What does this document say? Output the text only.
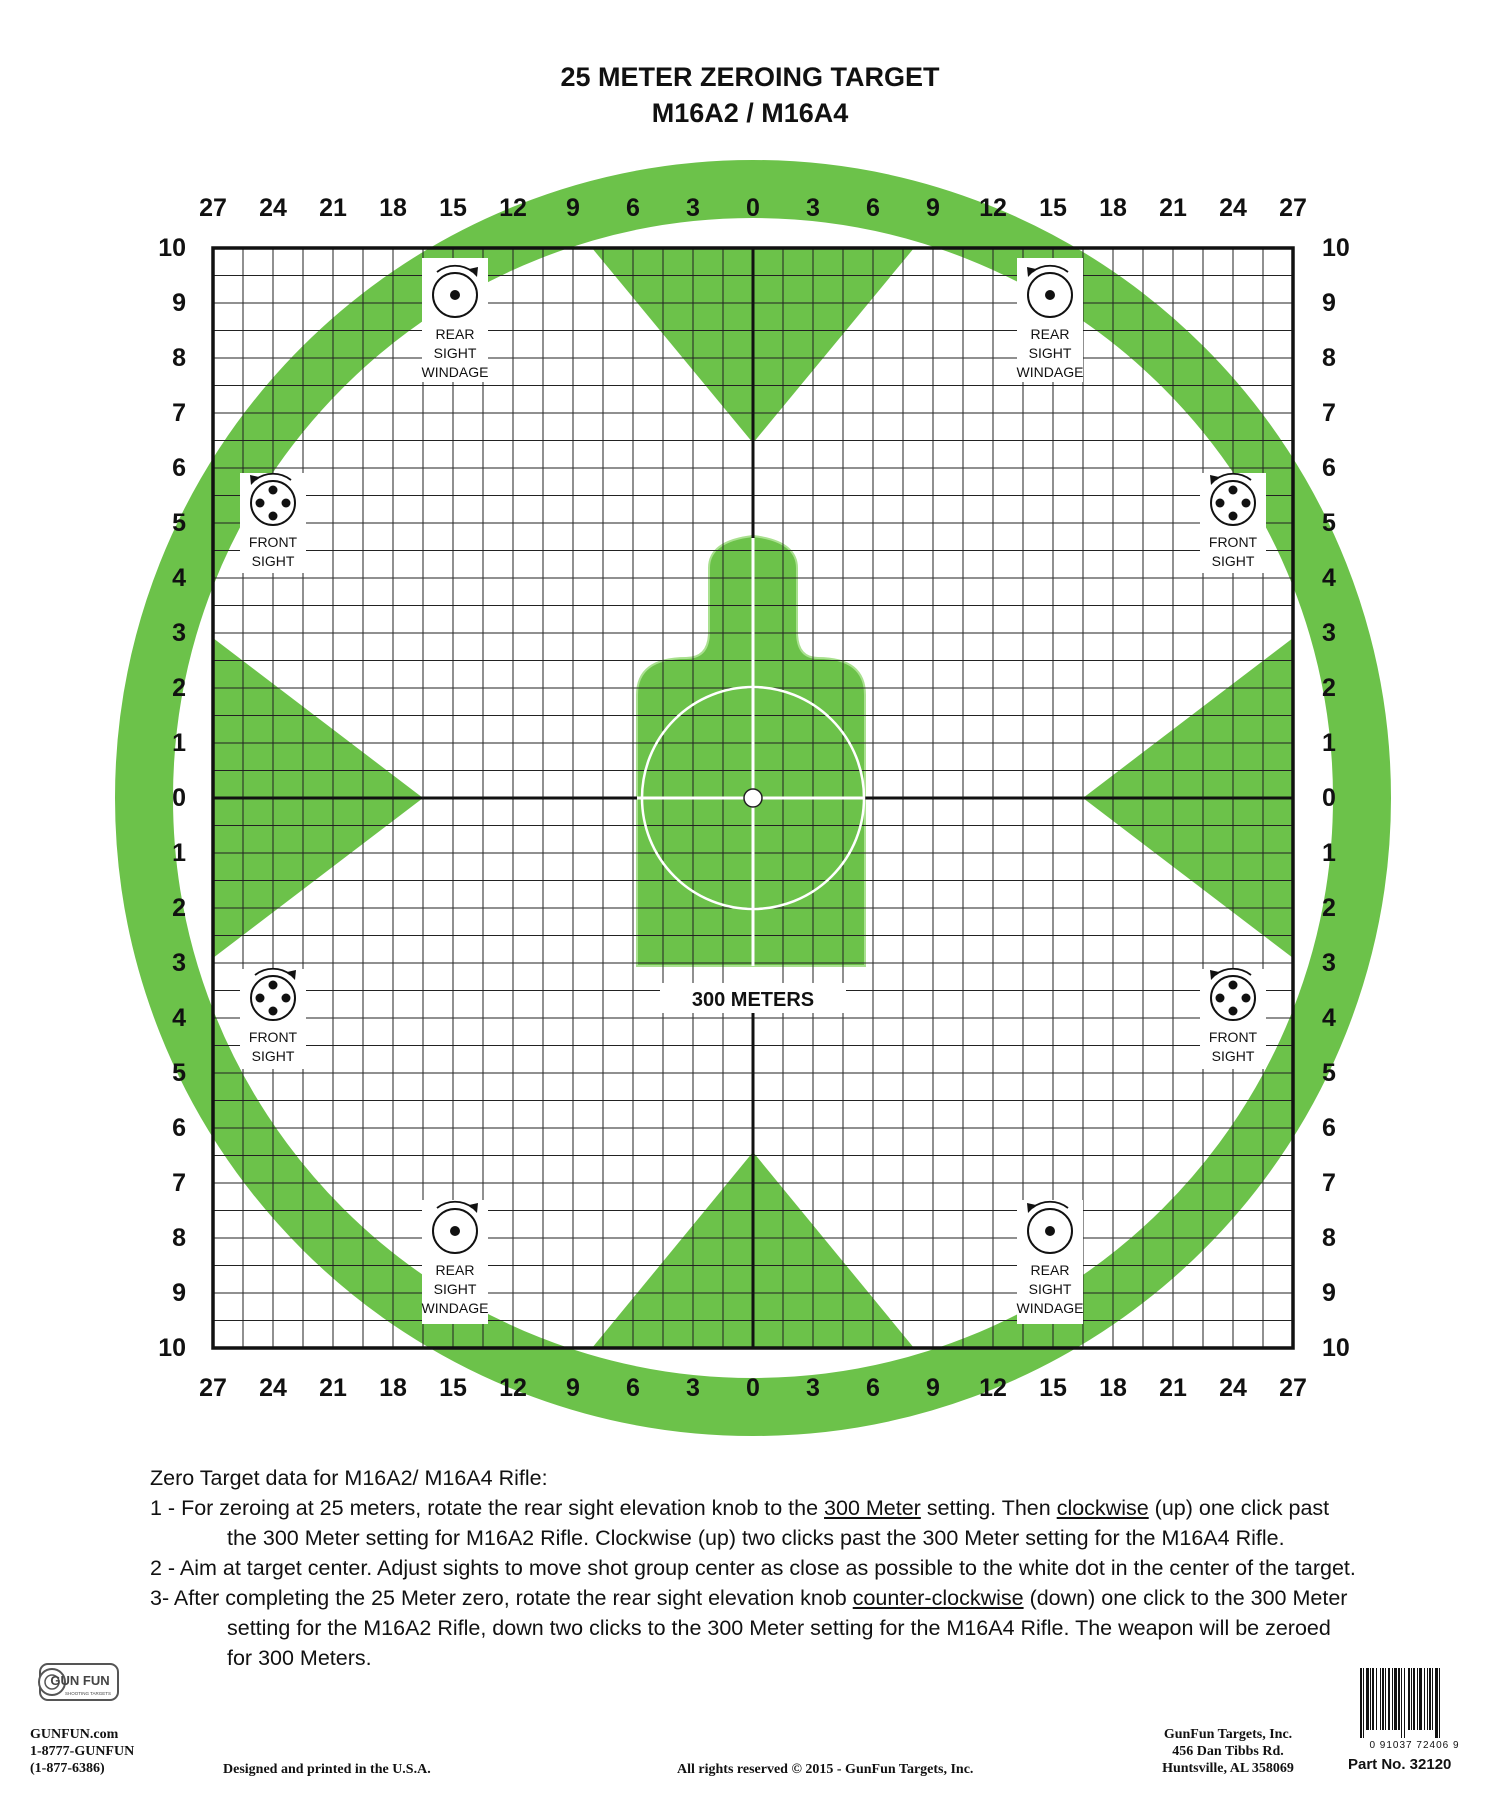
25 METER ZEROING TARGET
M16A2 / M16A4
300 METERS
REAR
SIGHT
WINDAGE
REAR
SIGHT
WINDAGE
FRONT
SIGHT
FRONT
SIGHT
FRONT
SIGHT
FRONT
SIGHT
REAR
SIGHT
WINDAGE
REAR
SIGHT
WINDAGE
27
27
24
24
21
21
18
18
15
15
12
12
9
9
6
6
3
3
0
0
3
3
6
6
9
9
12
12
15
15
18
18
21
21
24
24
27
27
10	10
9	9
8	8
7	7
6	6
5	5
4	4
3	3
2	2
1	1
0	0
1	1
2	2
3	3
4	4
5	5
6	6
7	7
8	8
9	9
10	10

Zero Target data for M16A2/ M16A4 Rifle:

1 - For zeroing at 25 meters, rotate the rear sight elevation knob to the 300 Meter setting. Then clockwise (up) one click past the 300 Meter setting for M16A2 Rifle. Clockwise (up) two clicks past the 300 Meter setting for the M16A4 Rifle.

2 - Aim at target center. Adjust sights to move shot group center as close as possible to the white dot in the center of the target.

3- After completing the 25 Meter zero, rotate the rear sight elevation knob counter-clockwise (down) one click to the 300 Meter setting for the M16A2 Rifle, down two clicks to the 300 Meter setting for the M16A4 Rifle. The weapon will be zeroed for 300 Meters.

GUN FUN
SHOOTING TARGETS
GUNFUN.com
1-8777-GUNFUN
(1-877-6386)	Designed and printed in the U.S.A.	All rights reserved © 2015 - GunFun Targets, Inc.
GunFun Targets, Inc.
456 Dan Tibbs Rd.
Huntsville, AL 358069
0 91037 72406 9
Part No. 32120
